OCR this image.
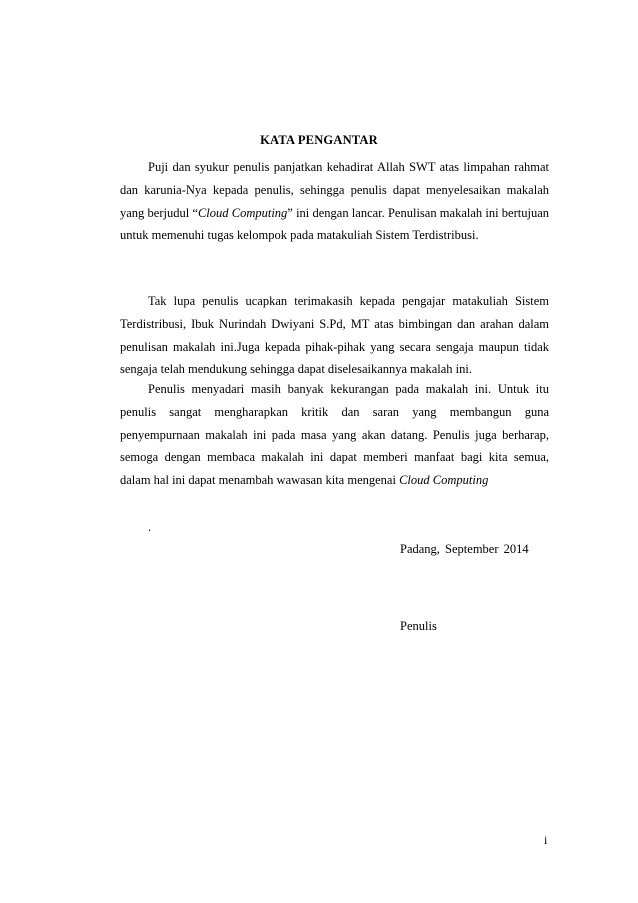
KATA PENGANTAR

Puji dan syukur penulis panjatkan kehadirat Allah SWT atas limpahan rahmat dan karunia-Nya kepada penulis, sehingga penulis dapat menyelesaikan makalah yang berjudul “Cloud Computing” ini dengan lancar. Penulisan makalah ini bertujuan untuk memenuhi tugas kelompok pada matakuliah Sistem Terdistribusi.

Tak lupa penulis ucapkan terimakasih kepada pengajar matakuliah Sistem Terdistribusi, Ibuk Nurindah Dwiyani S.Pd, MT atas bimbingan dan arahan dalam penulisan makalah ini.Juga kepada pihak-pihak yang secara sengaja maupun tidak sengaja telah mendukung sehingga dapat diselesaikannya makalah ini.

Penulis menyadari masih banyak kekurangan pada makalah ini. Untuk itu penulis sangat mengharapkan kritik dan saran yang membangun guna penyempurnaan makalah ini pada masa yang akan datang. Penulis juga berharap, semoga dengan membaca makalah ini dapat memberi manfaat bagi kita semua, dalam hal ini dapat menambah wawasan kita mengenai Cloud Computing

.
Padang, September 2014
Penulis
i
